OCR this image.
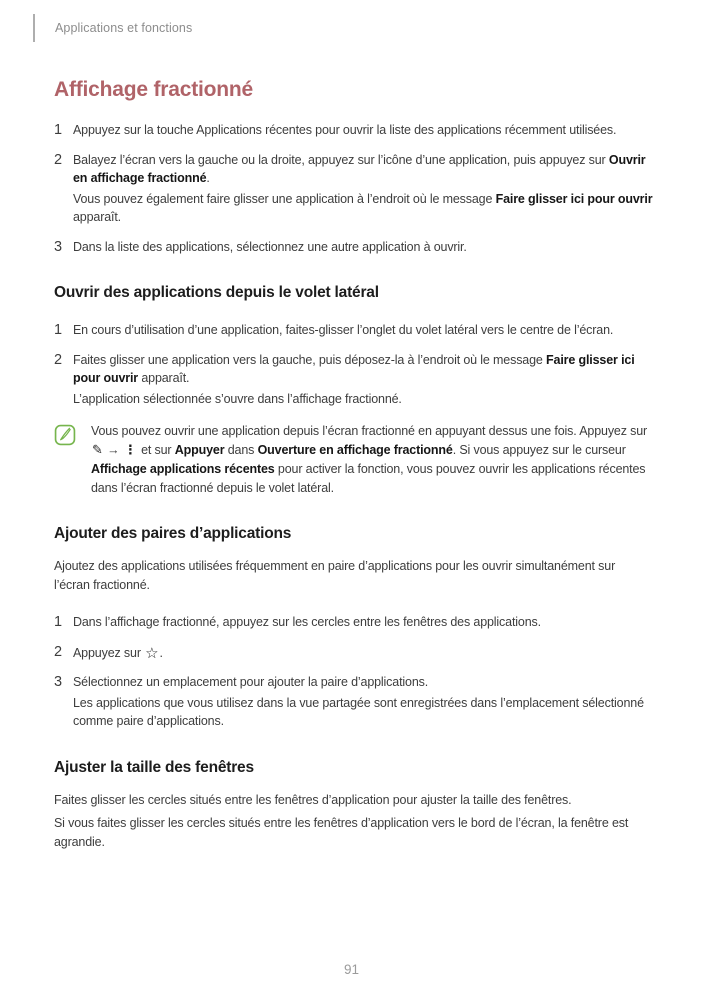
Applications et fonctions
Affichage fractionné
1 Appuyez sur la touche Applications récentes pour ouvrir la liste des applications récemment utilisées.
2 Balayez l’écran vers la gauche ou la droite, appuyez sur l’icône d’une application, puis appuyez sur Ouvrir en affichage fractionné.
Vous pouvez également faire glisser une application à l’endroit où le message Faire glisser ici pour ouvrir apparaît.
3 Dans la liste des applications, sélectionnez une autre application à ouvrir.
Ouvrir des applications depuis le volet latéral
1 En cours d’utilisation d’une application, faites-glisser l’onglet du volet latéral vers le centre de l’écran.
2 Faites glisser une application vers la gauche, puis déposez-la à l’endroit où le message Faire glisser ici pour ouvrir apparaît.
L’application sélectionnée s’ouvre dans l’affichage fractionné.
Vous pouvez ouvrir une application depuis l’écran fractionné en appuyant dessus une fois. Appuyez sur ✎ → ⋮ et sur Appuyer dans Ouverture en affichage fractionné. Si vous appuyez sur le curseur Affichage applications récentes pour activer la fonction, vous pouvez ouvrir les applications récentes dans l’écran fractionné depuis le volet latéral.
Ajouter des paires d’applications

Ajoutez des applications utilisées fréquemment en paire d’applications pour les ouvrir simultanément sur l’écran fractionné.

1 Dans l’affichage fractionné, appuyez sur les cercles entre les fenêtres des applications.
2 Appuyez sur ☆.
3 Sélectionnez un emplacement pour ajouter la paire d’applications.
Les applications que vous utilisez dans la vue partagée sont enregistrées dans l’emplacement sélectionné comme paire d’applications.
Ajuster la taille des fenêtres

Faites glisser les cercles situés entre les fenêtres d’application pour ajuster la taille des fenêtres.

Si vous faites glisser les cercles situés entre les fenêtres d’application vers le bord de l’écran, la fenêtre est agrandie.

91
